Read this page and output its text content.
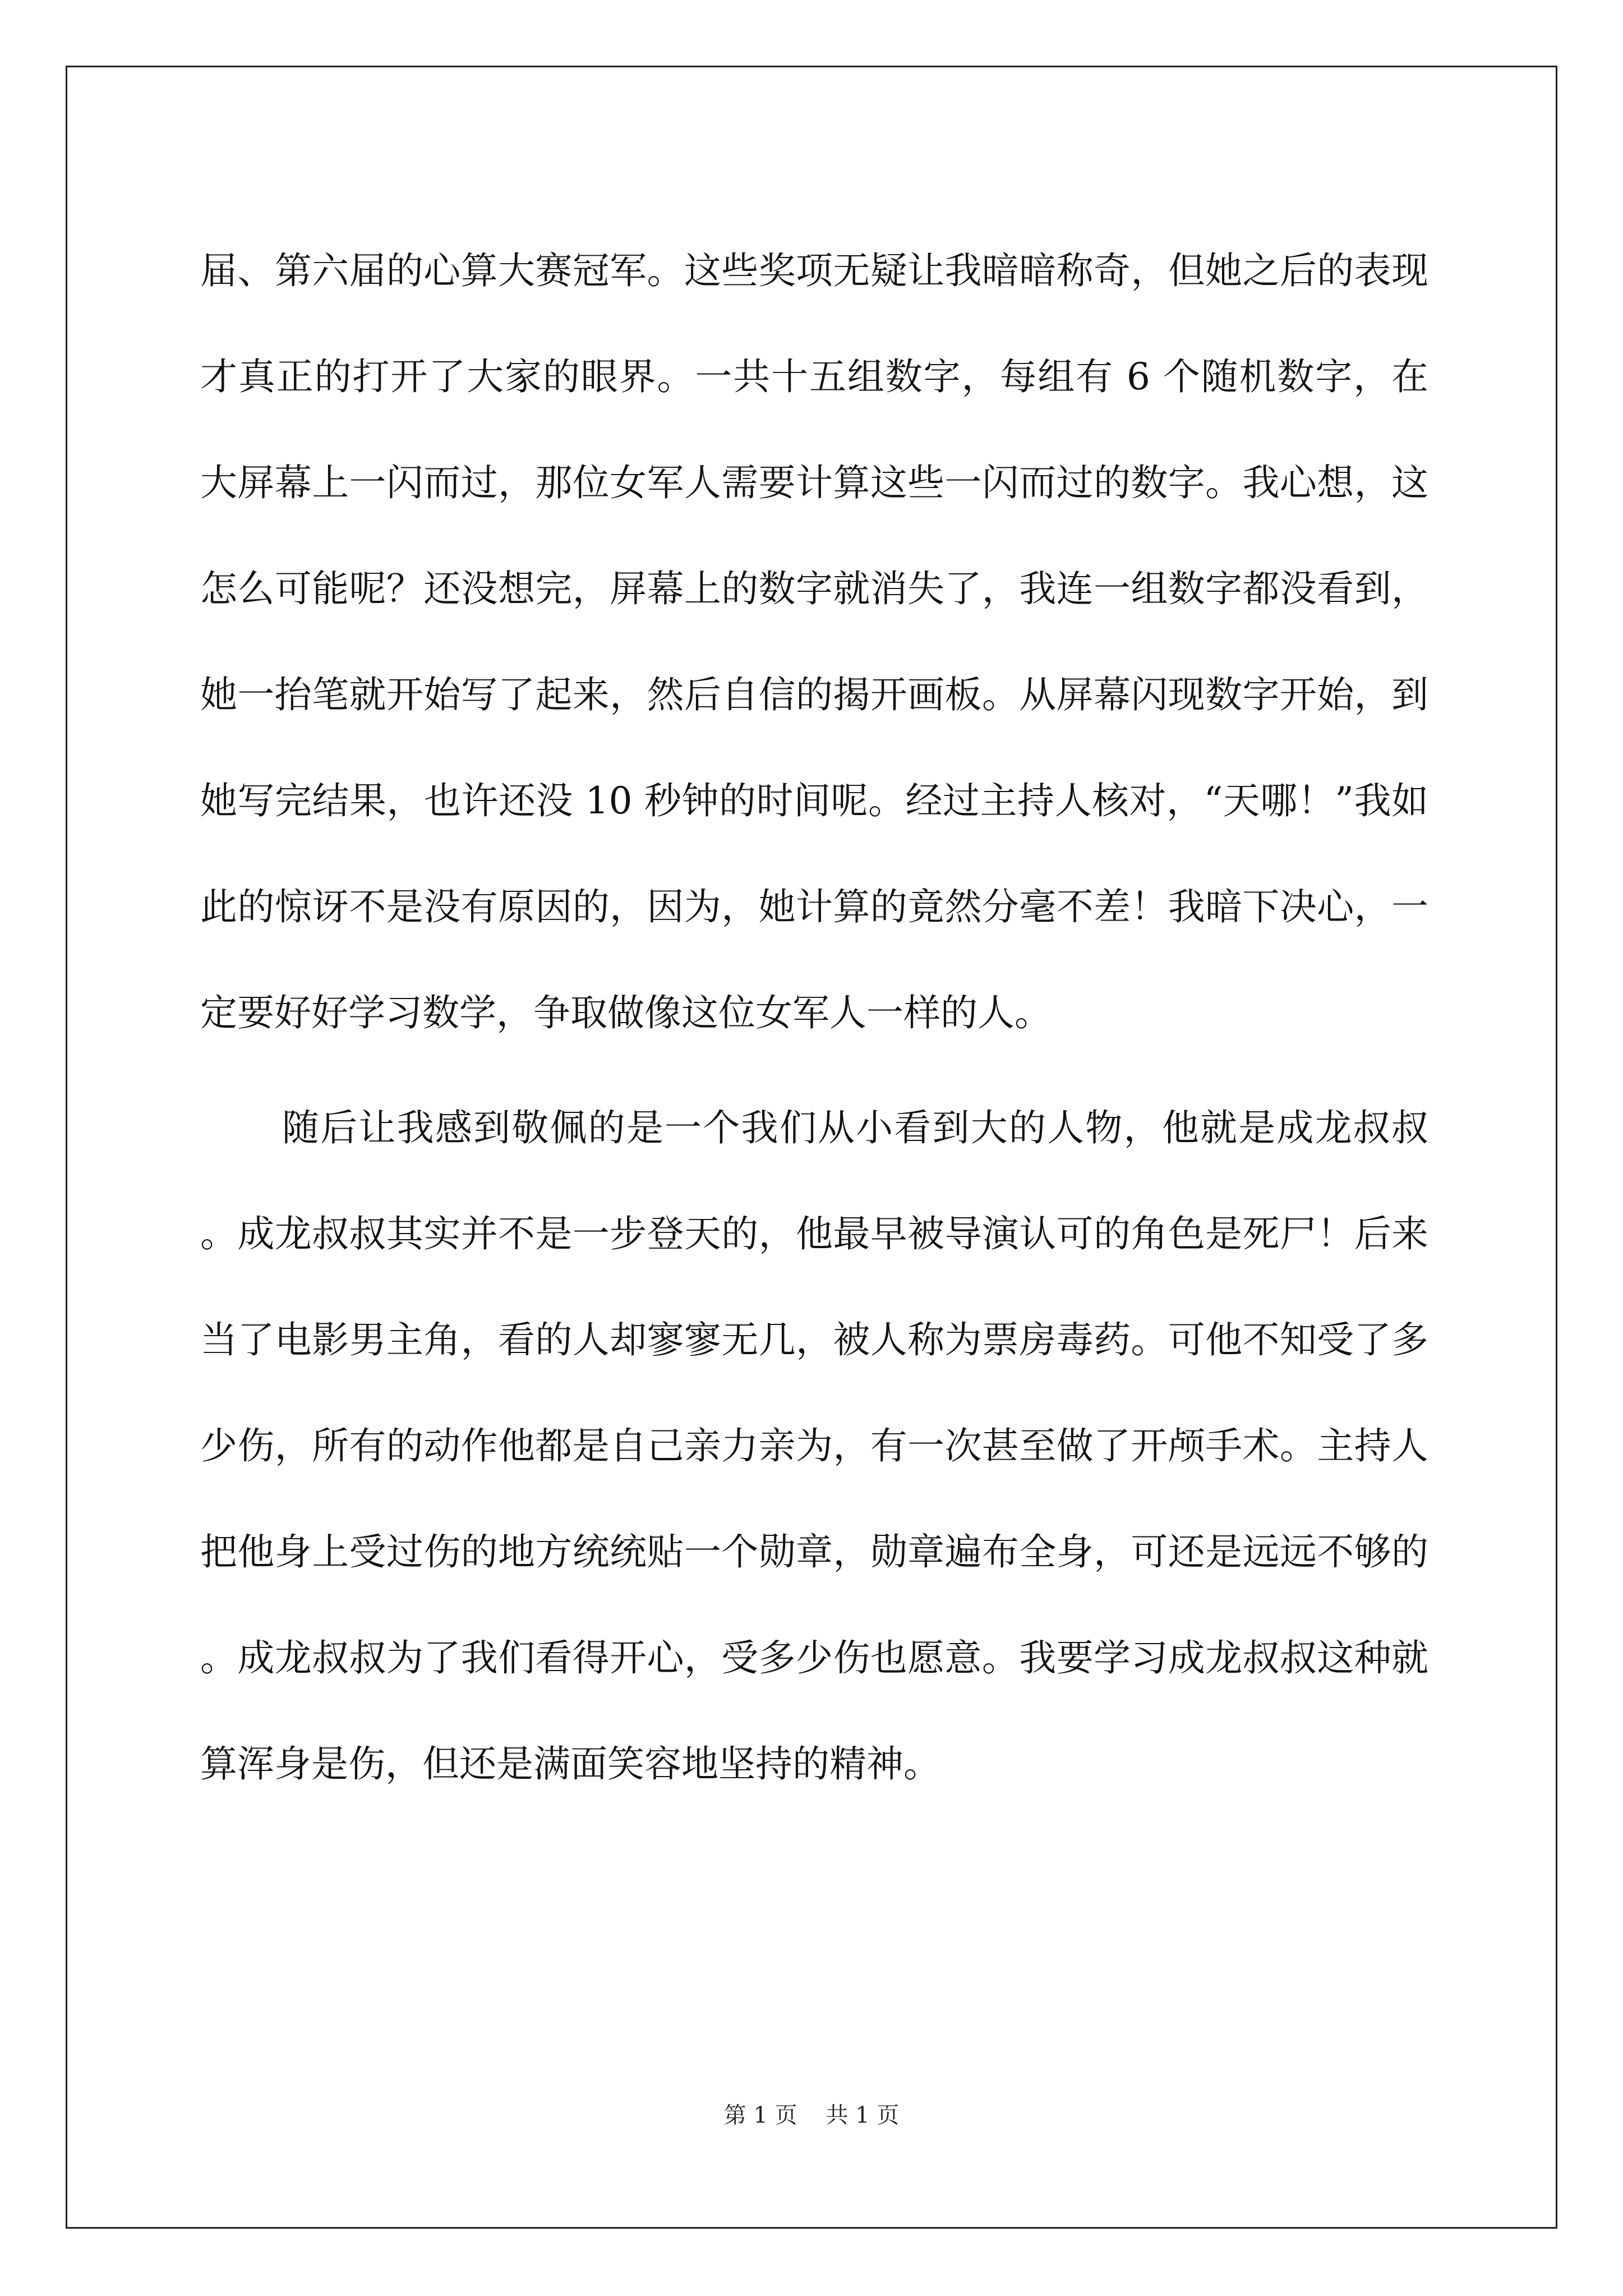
届、第六届的心算大赛冠军。这些奖项无疑让我暗暗称奇，但她之后的表现才真正的打开了大家的眼界。一共十五组数字，每组有 6 个随机数字，在大屏幕上一闪而过，那位女军人需要计算这些一闪而过的数字。我心想，这怎么可能呢？还没想完，屏幕上的数字就消失了，我连一组数字都没看到，她一抬笔就开始写了起来，然后自信的揭开画板。从屏幕闪现数字开始，到她写完结果，也许还没 10 秒钟的时间呢。经过主持人核对，“天哪！”我如此的惊讶不是没有原因的，因为，她计算的竟然分毫不差！我暗下决心，一定要好好学习数学，争取做像这位女军人一样的人。

随后让我感到敬佩的是一个我们从小看到大的人物，他就是成龙叔叔。成龙叔叔其实并不是一步登天的，他最早被导演认可的角色是死尸！后来当了电影男主角，看的人却寥寥无几，被人称为票房毒药。可他不知受了多少伤，所有的动作他都是自己亲力亲为，有一次甚至做了开颅手术。主持人把他身上受过伤的地方统统贴一个勋章，勋章遍布全身，可还是远远不够的。成龙叔叔为了我们看得开心，受多少伤也愿意。我要学习成龙叔叔这种就算浑身是伤，但还是满面笑容地坚持的精神。

第 1 页    共 1 页
